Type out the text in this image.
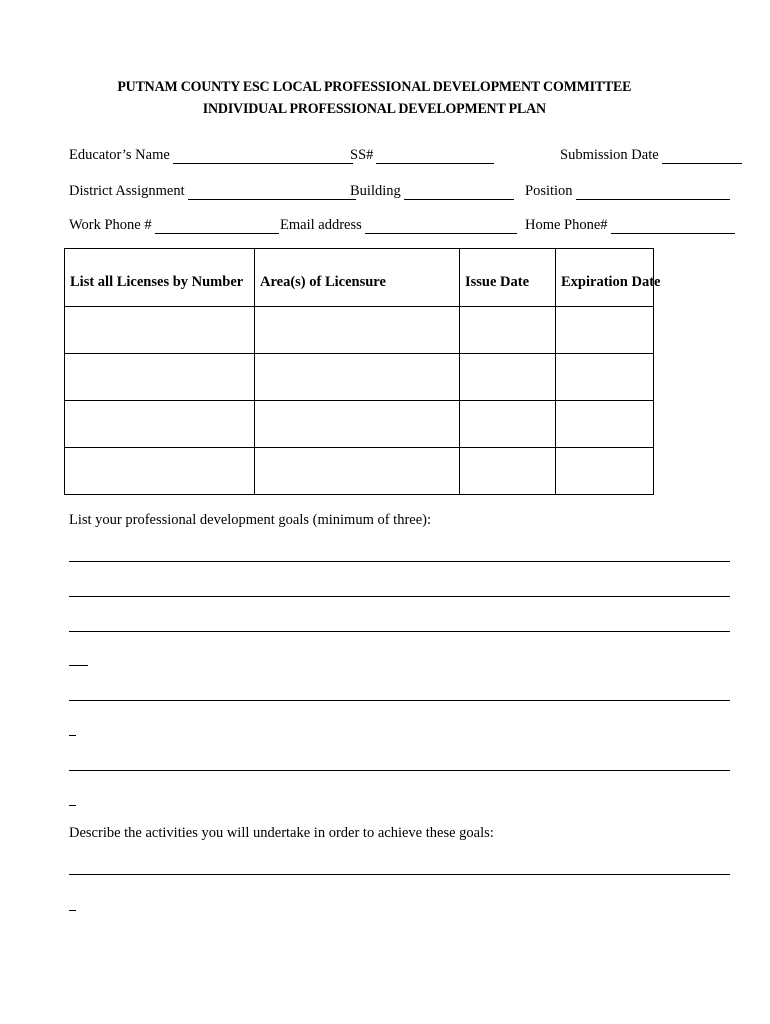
PUTNAM COUNTY ESC LOCAL PROFESSIONAL DEVELOPMENT COMMITTEE
INDIVIDUAL PROFESSIONAL DEVELOPMENT PLAN
Educator’s Name	SS#	Submission Date
District Assignment	Building	Position
Work Phone #	Email address	Home Phone#
List all Licenses by Number	Area(s) of Licensure	Issue Date	Expiration Date

List your professional development goals (minimum of three):
Describe the activities you will undertake in order to achieve these goals:
